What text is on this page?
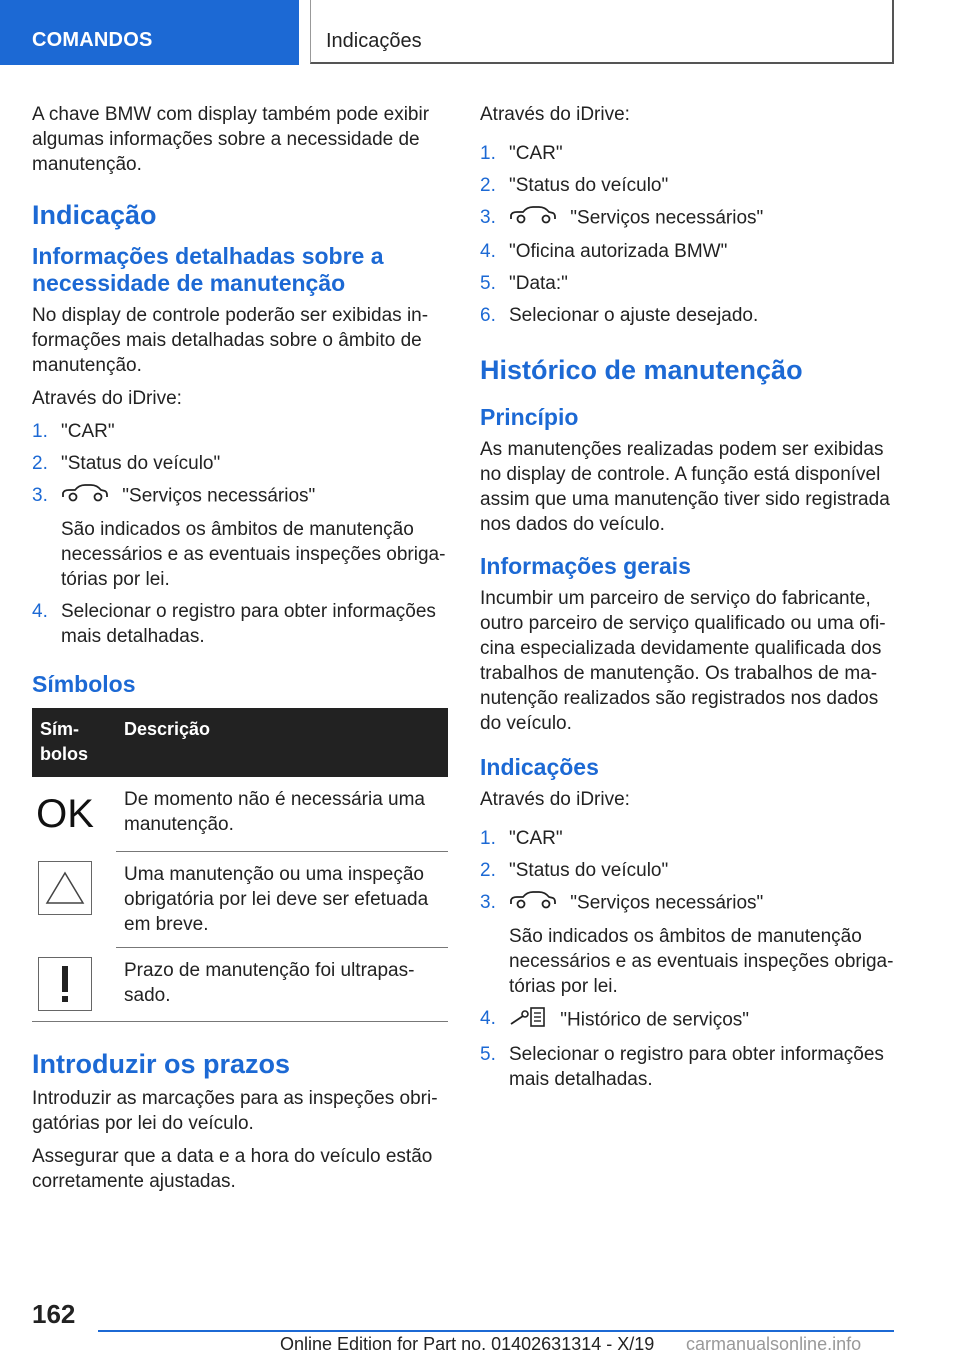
COMANDOS	Indicações

A chave BMW com display também pode exibir algumas informações sobre a necessidade de manutenção.

Indicação
Informações detalhadas sobre a necessidade de manutenção

No display de controle poderão ser exibidas in-formações mais detalhadas sobre o âmbito de manutenção.

Através do iDrive:

1. "CAR"
2. "Status do veículo"
3.	"Serviços necessários"
São indicados os âmbitos de manutenção necessários e as eventuais inspeções obriga-tórias por lei.
4. Selecionar o registro para obter informações mais detalhadas.
Símbolos
Sím-bolos	Descrição

OK	De momento não é necessária uma manutenção.

	Uma manutenção ou uma inspeção obrigatória por lei deve ser efetuada em breve.

	Prazo de manutenção foi ultrapas-sado.
Introduzir os prazos

Introduzir as marcações para as inspeções obri-gatórias por lei do veículo.

Assegurar que a data e a hora do veículo estão corretamente ajustadas.

Através do iDrive:

1. "CAR"
2. "Status do veículo"
3.	"Serviços necessários"
4. "Oficina autorizada BMW"
5. "Data:"
6. Selecionar o ajuste desejado.
Histórico de manutenção
Princípio

As manutenções realizadas podem ser exibidas no display de controle. A função está disponível assim que uma manutenção tiver sido registrada nos dados do veículo.

Informações gerais

Incumbir um parceiro de serviço do fabricante, outro parceiro de serviço qualificado ou uma ofi-cina especializada devidamente qualificada dos trabalhos de manutenção. Os trabalhos de ma-nutenção realizados são registrados nos dados do veículo.

Indicações

Através do iDrive:

1. "CAR"
2. "Status do veículo"
3.	"Serviços necessários"
São indicados os âmbitos de manutenção necessários e as eventuais inspeções obriga-tórias por lei.
4.	"Histórico de serviços"
5. Selecionar o registro para obter informações mais detalhadas.
162
Online Edition for Part no. 01402631314 - X/19 carmanualsonline.info
